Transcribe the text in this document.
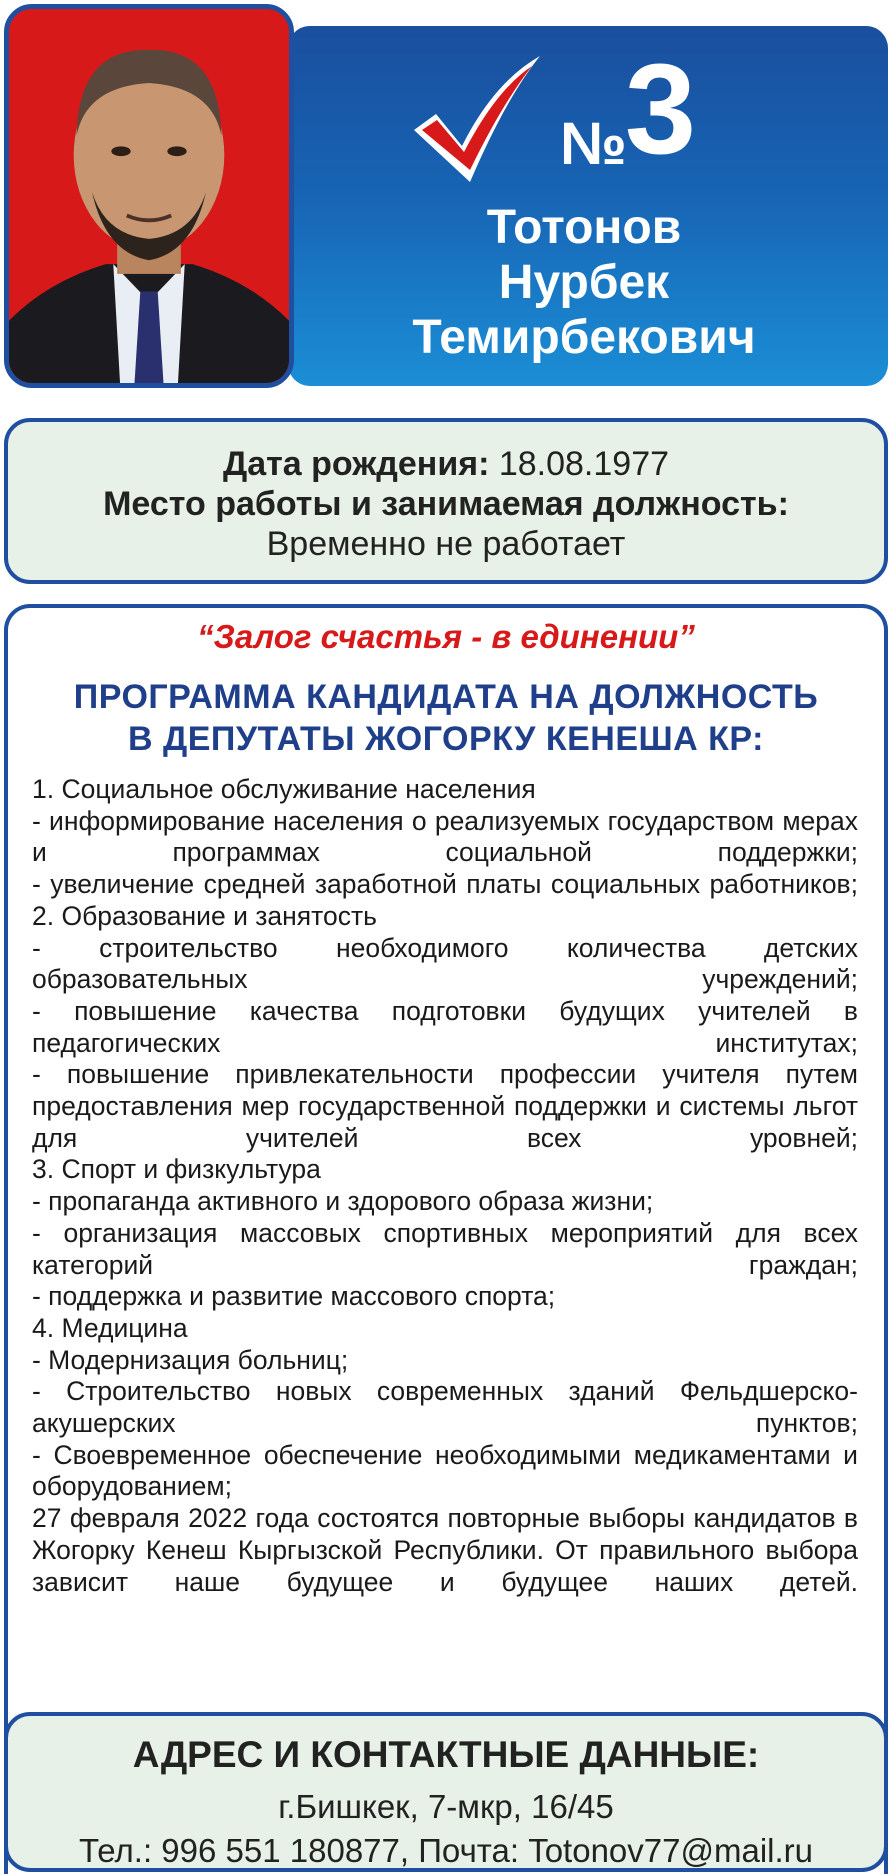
№3
Тотонов
Нурбек
Темирбекович
Дата рождения: 18.08.1977
Место работы и занимаемая должность:
Временно не работает
“Залог счастья - в единении”
ПРОГРАММА КАНДИДАТА НА ДОЛЖНОСТЬ
В ДЕПУТАТЫ ЖОГОРКУ КЕНЕША КР:
1. Социальное обслуживание населения
- информирование населения о реализуемых государством мерах и программах социальной поддержки;
- увеличение средней заработной платы социальных работников;
2. Образование и занятость
- строительство необходимого количества детских образовательных учреждений;
- повышение качества подготовки будущих учителей в педагогических институтах;
- повышение привлекательности профессии учителя путем предоставления мер государственной поддержки и системы льгот для учителей всех уровней;
3. Спорт и физкультура
- пропаганда активного и здорового образа жизни;
- организация массовых спортивных мероприятий для всех категорий граждан;
- поддержка и развитие массового спорта;
4. Медицина
- Модернизация больниц;
- Строительство новых современных зданий Фельдшерско-акушерских пунктов;
- Своевременное обеспечение необходимыми медикаментами и оборудованием;
27 февраля 2022 года состоятся повторные выборы кандидатов в Жогорку Кенеш Кыргызской Республики. От правильного выбора зависит наше будущее и будущее наших детей.
АДРЕС И КОНТАКТНЫЕ ДАННЫЕ:
г.Бишкек, 7-мкр, 16/45
Тел.: 996 551 180877, Почта: Totonov77@mail.ru
